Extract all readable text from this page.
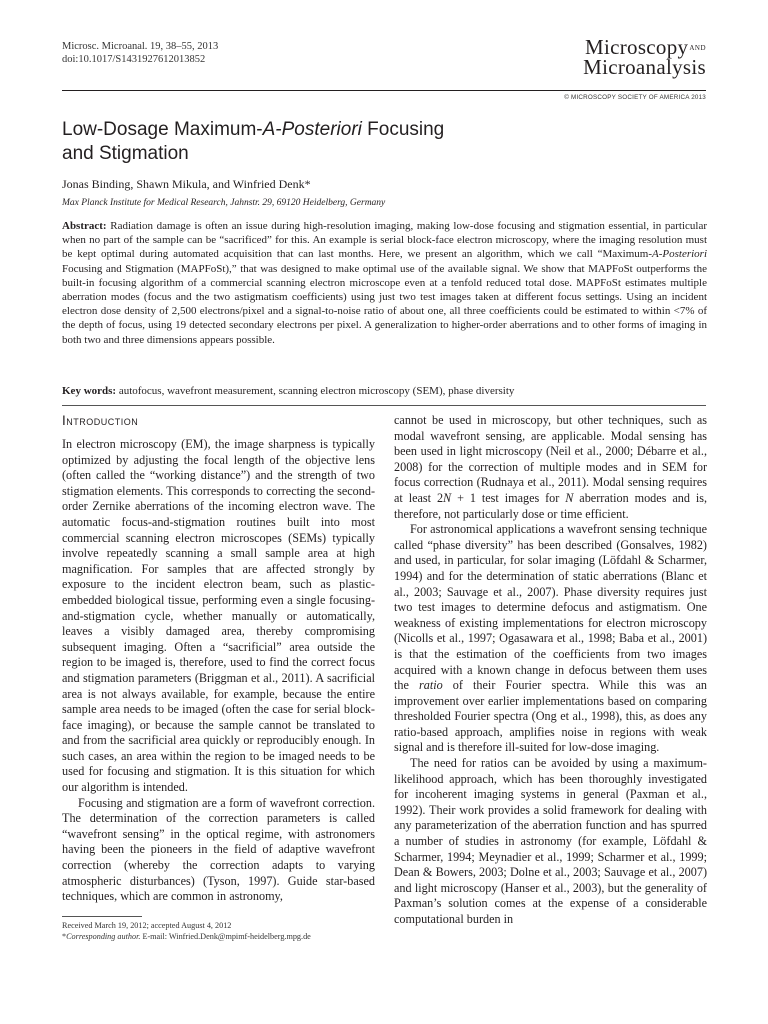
Microsc. Microanal. 19, 38–55, 2013
doi:10.1017/S1431927612013852
MicroscopyAND
Microanalysis
© MICROSCOPY SOCIETY OF AMERICA 2013
Low-Dosage Maximum-A-Posteriori Focusing
and Stigmation
Jonas Binding, Shawn Mikula, and Winfried Denk*
Max Planck Institute for Medical Research, Jahnstr. 29, 69120 Heidelberg, Germany
Abstract: Radiation damage is often an issue during high-resolution imaging, making low-dose focusing and stigmation essential, in particular when no part of the sample can be “sacrificed” for this. An example is serial block-face electron microscopy, where the imaging resolution must be kept optimal during automated acquisition that can last months. Here, we present an algorithm, which we call “Maximum-A-Posteriori Focusing and Stigmation (MAPFoSt),” that was designed to make optimal use of the available signal. We show that MAPFoSt outperforms the built-in focusing algorithm of a commercial scanning electron microscope even at a tenfold reduced total dose. MAPFoSt estimates multiple aberration modes (focus and the two astigmatism coefficients) using just two test images taken at different focus settings. Using an incident electron dose density of 2,500 electrons/pixel and a signal-to-noise ratio of about one, all three coefficients could be estimated to within <7% of the depth of focus, using 19 detected secondary electrons per pixel. A generalization to higher-order aberrations and to other forms of imaging in both two and three dimensions appears possible.
Key words: autofocus, wavefront measurement, scanning electron microscopy (SEM), phase diversity
Introduction

In electron microscopy (EM), the image sharpness is typically optimized by adjusting the focal length of the objective lens (often called the “working distance”) and the strength of two stigmation elements. This corresponds to correcting the second-order Zernike aberrations of the incoming electron wave. The automatic focus-and-stigmation routines built into most commercial scanning electron microscopes (SEMs) typically involve repeatedly scanning a small sample area at high magnification. For samples that are affected strongly by exposure to the incident electron beam, such as plastic-embedded biological tissue, performing even a single focusing-and-stigmation cycle, whether manually or automatically, leaves a visibly damaged area, thereby compromising subsequent imaging. Often a “sacrificial” area outside the region to be imaged is, therefore, used to find the correct focus and stigmation parameters (Briggman et al., 2011). A sacrificial area is not always available, for example, because the entire sample area needs to be imaged (often the case for serial block-face imaging), or because the sample cannot be translated to and from the sacrificial area quickly or reproducibly enough. In such cases, an area within the region to be imaged needs to be used for focusing and stigmation. It is this situation for which our algorithm is intended.

Focusing and stigmation are a form of wavefront correction. The determination of the correction parameters is called “wavefront sensing” in the optical regime, with astronomers having been the pioneers in the field of adaptive wavefront correction (whereby the correction adapts to varying atmospheric disturbances) (Tyson, 1997). Guide star-based techniques, which are common in astronomy,

cannot be used in microscopy, but other techniques, such as modal wavefront sensing, are applicable. Modal sensing has been used in light microscopy (Neil et al., 2000; Débarre et al., 2008) for the correction of multiple modes and in SEM for focus correction (Rudnaya et al., 2011). Modal sensing requires at least 2N + 1 test images for N aberration modes and is, therefore, not particularly dose or time efficient.

For astronomical applications a wavefront sensing technique called “phase diversity” has been described (Gonsalves, 1982) and used, in particular, for solar imaging (Löfdahl & Scharmer, 1994) and for the determination of static aberrations (Blanc et al., 2003; Sauvage et al., 2007). Phase diversity requires just two test images to determine defocus and astigmatism. One weakness of existing implementations for electron microscopy (Nicolls et al., 1997; Ogasawara et al., 1998; Baba et al., 2001) is that the estimation of the coefficients from two images acquired with a known change in defocus between them uses the ratio of their Fourier spectra. While this was an improvement over earlier implementations based on comparing thresholded Fourier spectra (Ong et al., 1998), this, as does any ratio-based approach, amplifies noise in regions with weak signal and is therefore ill-suited for low-dose imaging.

The need for ratios can be avoided by using a maximum-likelihood approach, which has been thoroughly investigated for incoherent imaging systems in general (Paxman et al., 1992). Their work provides a solid framework for dealing with any parameterization of the aberration function and has spurred a number of studies in astronomy (for example, Löfdahl & Scharmer, 1994; Meynadier et al., 1999; Scharmer et al., 1999; Dean & Bowers, 2003; Dolne et al., 2003; Sauvage et al., 2007) and light microscopy (Hanser et al., 2003), but the generality of Paxman’s solution comes at the expense of a considerable computational burden in

Received March 19, 2012; accepted August 4, 2012
*Corresponding author. E-mail: Winfried.Denk@mpimf-heidelberg.mpg.de
